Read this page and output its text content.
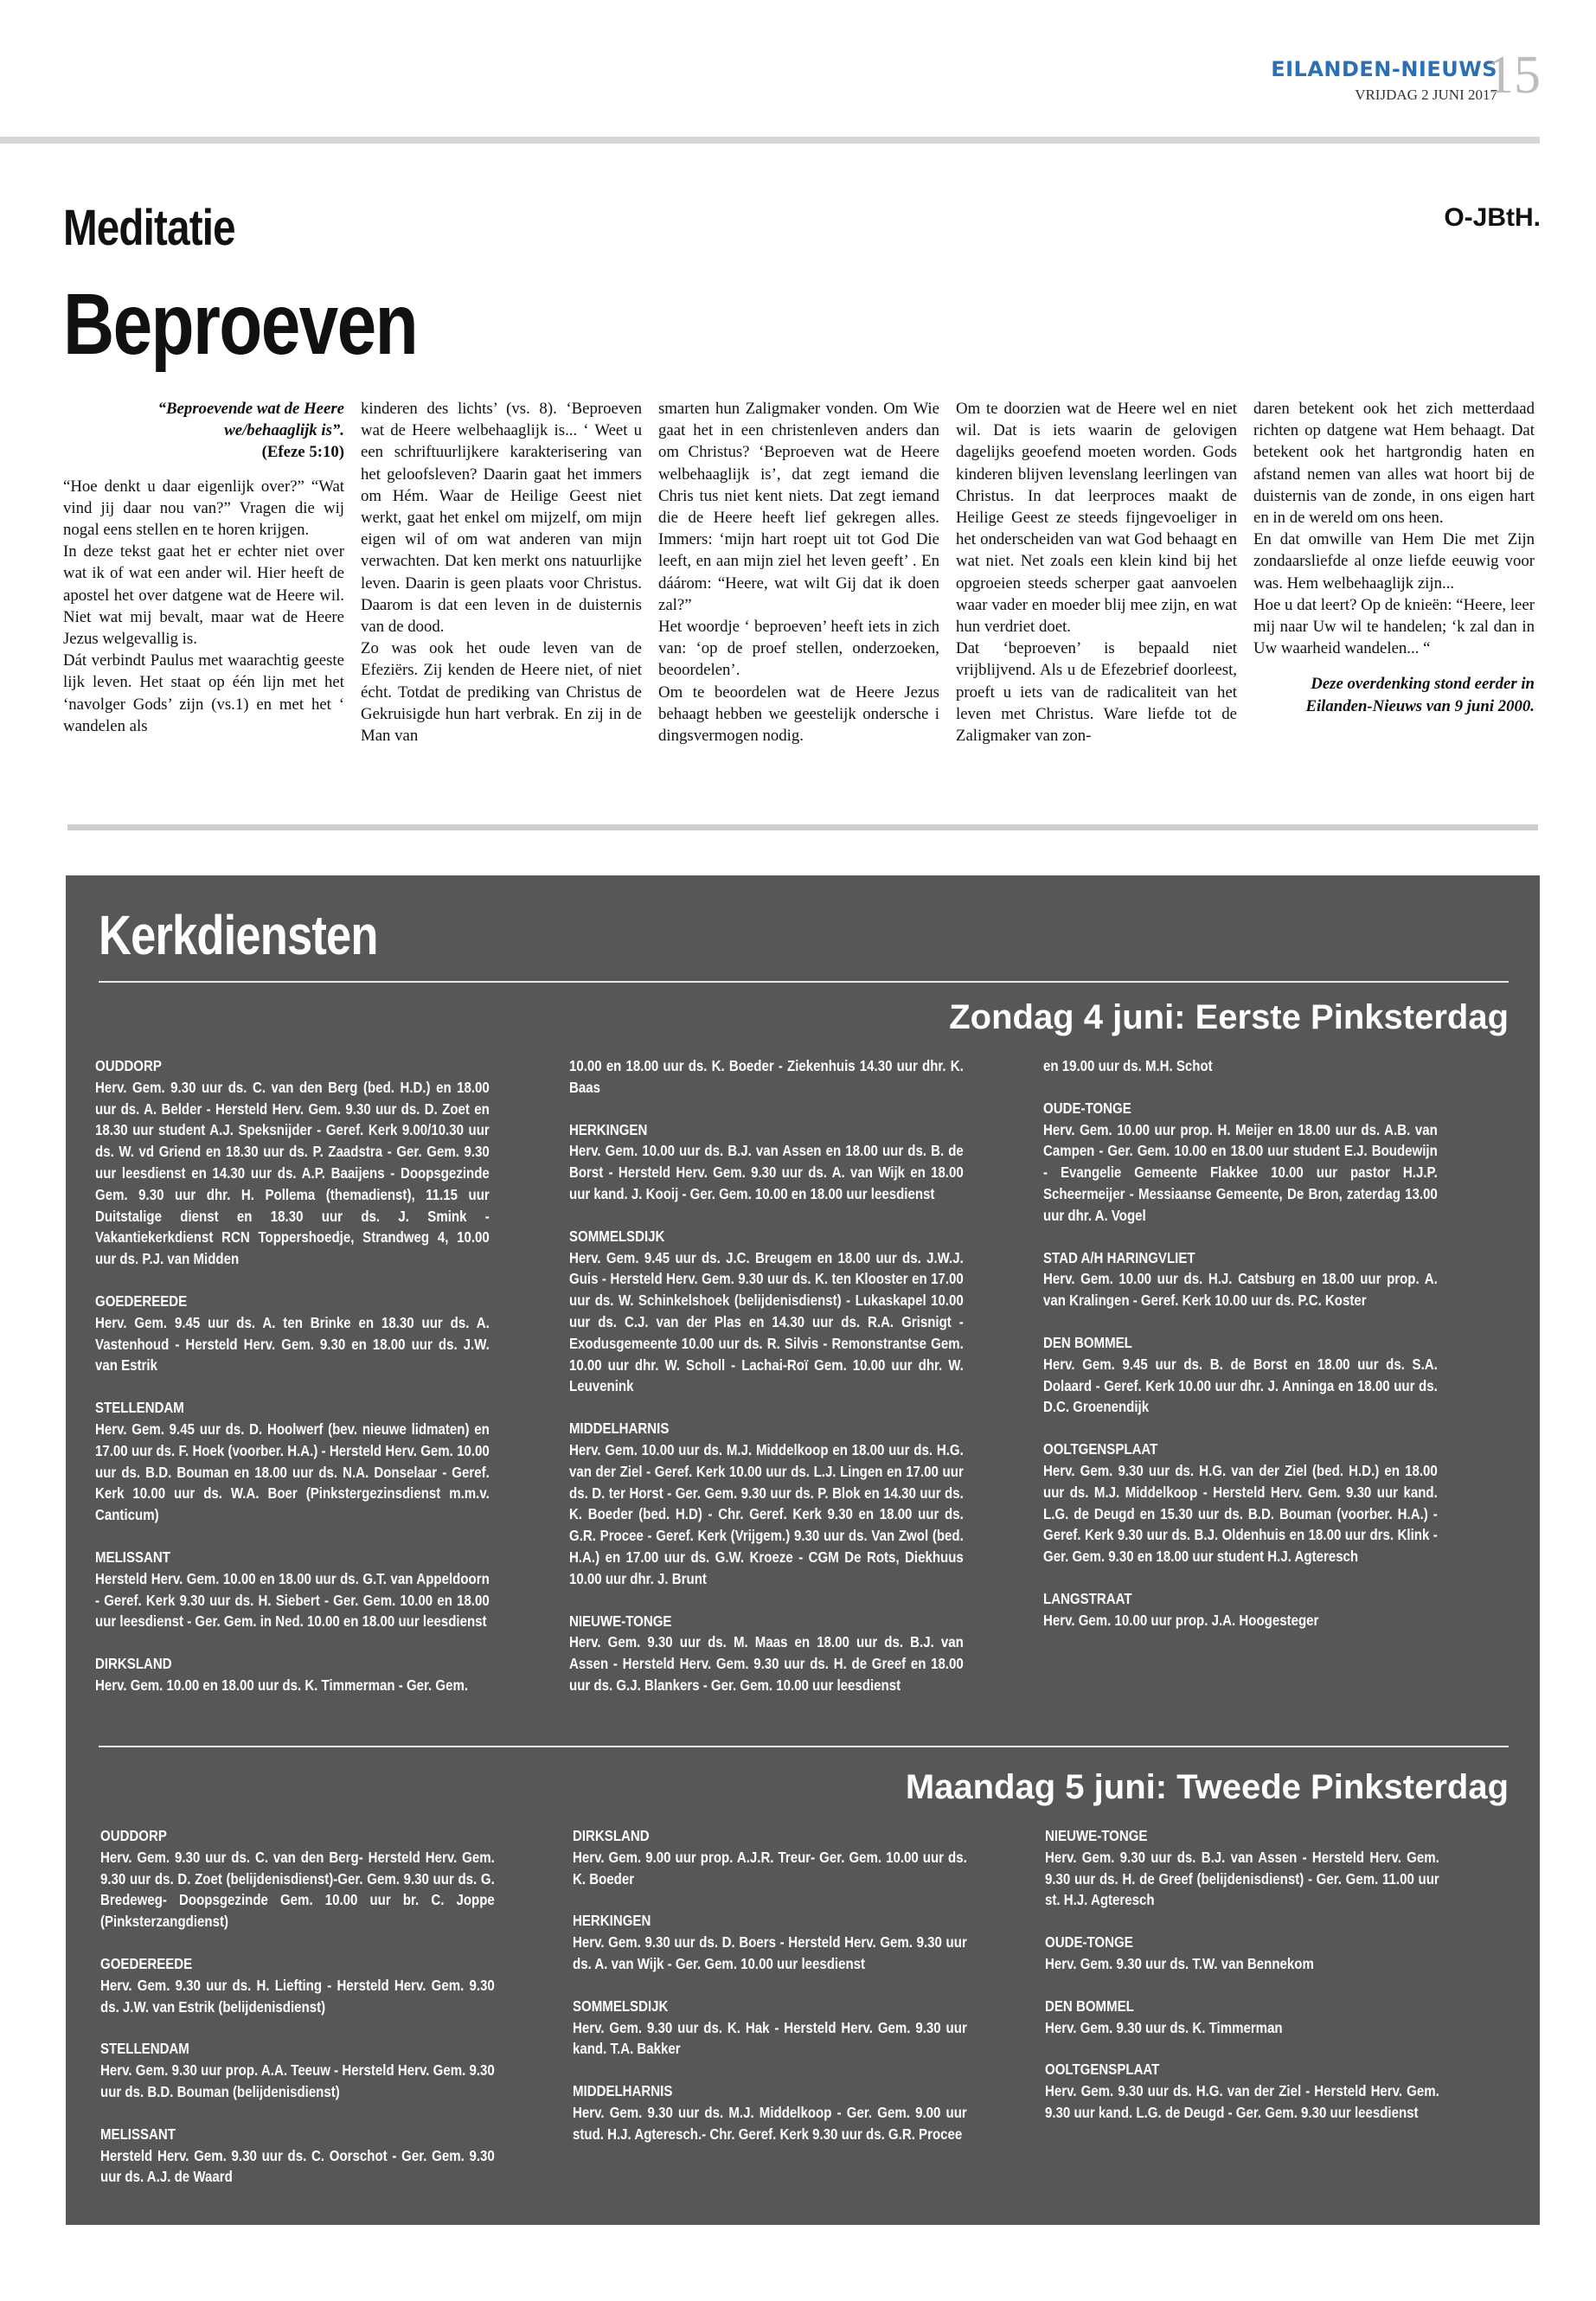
EILANDEN-NIEUWS
VRIJDAG 2 JUNI 2017
15
Meditatie	O-JBtH.
Beproeven

“Beproevende wat de Heere we/behaaglijk is”.

(Efeze 5:10)

“Hoe denkt u daar eigenlijk over?” “Wat vind jij daar nou van?” Vragen die wij nogal eens stellen en te horen krijgen.

In deze tekst gaat het er echter niet over wat ik of wat een ander wil. Hier heeft de apostel het over datgene wat de Heere wil. Niet wat mij bevalt, maar wat de Heere Jezus welgevallig is.

Dát verbindt Paulus met waarachtig geeste lijk leven. Het staat op één lijn met het ‘navolger Gods’ zijn (vs.1) en met het ‘ wandelen als

kinderen des lichts’ (vs. 8). ‘Beproeven wat de Heere welbehaaglijk is... ‘ Weet u een schriftuurlijkere karakterisering van het geloofsleven? Daarin gaat het immers om Hém. Waar de Heilige Geest niet werkt, gaat het enkel om mijzelf, om mijn eigen wil of om wat anderen van mijn verwachten. Dat ken merkt ons natuurlijke leven. Daarin is geen plaats voor Christus. Daarom is dat een leven in de duisternis van de dood.

Zo was ook het oude leven van de Efeziërs. Zij kenden de Heere niet, of niet écht. Totdat de prediking van Christus de Gekruisigde hun hart verbrak. En zij in de Man van

smarten hun Zaligmaker vonden. Om Wie gaat het in een christenleven anders dan om Christus? ‘Beproeven wat de Heere welbehaaglijk is’, dat zegt iemand die Chris tus niet kent niets. Dat zegt iemand die de Heere heeft lief gekregen alles. Immers: ‘mijn hart roept uit tot God Die leeft, en aan mijn ziel het leven geeft’ . En dáárom: “Heere, wat wilt Gij dat ik doen zal?”

Het woordje ‘ beproeven’ heeft iets in zich van: ‘op de proef stellen, onderzoeken, beoordelen’.

Om te beoordelen wat de Heere Jezus behaagt hebben we geestelijk ondersche i dingsvermogen nodig.

Om te doorzien wat de Heere wel en niet wil. Dat is iets waarin de gelovigen dagelijks geoefend moeten worden. Gods kinderen blijven levenslang leerlingen van Christus. In dat leerproces maakt de Heilige Geest ze steeds fijngevoeliger in het onderscheiden van wat God behaagt en wat niet. Net zoals een klein kind bij het opgroeien steeds scherper gaat aanvoelen waar vader en moeder blij mee zijn, en wat hun verdriet doet.

Dat ‘beproeven’ is bepaald niet vrijblijvend. Als u de Efezebrief doorleest, proeft u iets van de radicaliteit van het leven met Christus. Ware liefde tot de Zaligmaker van zon-

daren betekent ook het zich metterdaad richten op datgene wat Hem behaagt. Dat betekent ook het hartgrondig haten en afstand nemen van alles wat hoort bij de duisternis van de zonde, in ons eigen hart en in de wereld om ons heen.

En dat omwille van Hem Die met Zijn zondaarsliefde al onze liefde eeuwig voor was. Hem welbehaaglijk zijn...

Hoe u dat leert? Op de knieën: “Heere, leer mij naar Uw wil te handelen; ‘k zal dan in Uw waarheid wandelen... “

Deze overdenking stond eerder in Eilanden-Nieuws van 9 juni 2000.

Kerkdiensten
Zondag 4 juni: Eerste Pinksterdag
OUDDORP
Herv. Gem. 9.30 uur ds. C. van den Berg (bed. H.D.) en 18.00 uur ds. A. Belder - Hersteld Herv. Gem. 9.30 uur ds. D. Zoet en 18.30 uur student A.J. Speksnijder - Geref. Kerk 9.00/10.30 uur ds. W. vd Griend en 18.30 uur ds. P. Zaadstra - Ger. Gem. 9.30 uur leesdienst en 14.30 uur ds. A.P. Baaijens - Doopsgezinde Gem. 9.30 uur dhr. H. Pollema (themadienst), 11.15 uur Duitstalige dienst en 18.30 uur ds. J. Smink - Vakantiekerkdienst RCN Toppershoedje, Strandweg 4, 10.00 uur ds. P.J. van Midden
GOEDEREEDE
Herv. Gem. 9.45 uur ds. A. ten Brinke en 18.30 uur ds. A. Vastenhoud - Hersteld Herv. Gem. 9.30 en 18.00 uur ds. J.W. van Estrik
STELLENDAM
Herv. Gem. 9.45 uur ds. D. Hoolwerf (bev. nieuwe lidmaten) en 17.00 uur ds. F. Hoek (voorber. H.A.) - Hersteld Herv. Gem. 10.00 uur ds. B.D. Bouman en 18.00 uur ds. N.A. Donselaar - Geref. Kerk 10.00 uur ds. W.A. Boer (Pinkstergezinsdienst m.m.v. Canticum)
MELISSANT
Hersteld Herv. Gem. 10.00 en 18.00 uur ds. G.T. van Appeldoorn - Geref. Kerk 9.30 uur ds. H. Siebert - Ger. Gem. 10.00 en 18.00 uur leesdienst - Ger. Gem. in Ned. 10.00 en 18.00 uur leesdienst
DIRKSLAND
Herv. Gem. 10.00 en 18.00 uur ds. K. Timmerman - Ger. Gem.
10.00 en 18.00 uur ds. K. Boeder - Ziekenhuis 14.30 uur dhr. K. Baas
HERKINGEN
Herv. Gem. 10.00 uur ds. B.J. van Assen en 18.00 uur ds. B. de Borst - Hersteld Herv. Gem. 9.30 uur ds. A. van Wijk en 18.00 uur kand. J. Kooij - Ger. Gem. 10.00 en 18.00 uur leesdienst
SOMMELSDIJK
Herv. Gem. 9.45 uur ds. J.C. Breugem en 18.00 uur ds. J.W.J. Guis - Hersteld Herv. Gem. 9.30 uur ds. K. ten Klooster en 17.00 uur ds. W. Schinkelshoek (belijdenisdienst) - Lukaskapel 10.00 uur ds. C.J. van der Plas en 14.30 uur ds. R.A. Grisnigt - Exodusgemeente 10.00 uur ds. R. Silvis - Remonstrantse Gem. 10.00 uur dhr. W. Scholl - Lachai-Roï Gem. 10.00 uur dhr. W. Leuvenink
MIDDELHARNIS
Herv. Gem. 10.00 uur ds. M.J. Middelkoop en 18.00 uur ds. H.G. van der Ziel - Geref. Kerk 10.00 uur ds. L.J. Lingen en 17.00 uur ds. D. ter Horst - Ger. Gem. 9.30 uur ds. P. Blok en 14.30 uur ds. K. Boeder (bed. H.D) - Chr. Geref. Kerk 9.30 en 18.00 uur ds. G.R. Procee - Geref. Kerk (Vrijgem.) 9.30 uur ds. Van Zwol (bed. H.A.) en 17.00 uur ds. G.W. Kroeze - CGM De Rots, Diekhuus 10.00 uur dhr. J. Brunt
NIEUWE-TONGE
Herv. Gem. 9.30 uur ds. M. Maas en 18.00 uur ds. B.J. van Assen - Hersteld Herv. Gem. 9.30 uur ds. H. de Greef en 18.00 uur ds. G.J. Blankers - Ger. Gem. 10.00 uur leesdienst
en 19.00 uur ds. M.H. Schot
OUDE-TONGE
Herv. Gem. 10.00 uur prop. H. Meijer en 18.00 uur ds. A.B. van Campen - Ger. Gem. 10.00 en 18.00 uur student E.J. Boudewijn - Evangelie Gemeente Flakkee 10.00 uur pastor H.J.P. Scheermeijer - Messiaanse Gemeente, De Bron, zaterdag 13.00 uur dhr. A. Vogel
STAD A/H HARINGVLIET
Herv. Gem. 10.00 uur ds. H.J. Catsburg en 18.00 uur prop. A. van Kralingen - Geref. Kerk 10.00 uur ds. P.C. Koster
DEN BOMMEL
Herv. Gem. 9.45 uur ds. B. de Borst en 18.00 uur ds. S.A. Dolaard - Geref. Kerk 10.00 uur dhr. J. Anninga en 18.00 uur ds. D.C. Groenendijk
OOLTGENSPLAAT
Herv. Gem. 9.30 uur ds. H.G. van der Ziel (bed. H.D.) en 18.00 uur ds. M.J. Middelkoop - Hersteld Herv. Gem. 9.30 uur kand. L.G. de Deugd en 15.30 uur ds. B.D. Bouman (voorber. H.A.) - Geref. Kerk 9.30 uur ds. B.J. Oldenhuis en 18.00 uur drs. Klink - Ger. Gem. 9.30 en 18.00 uur student H.J. Agteresch
LANGSTRAAT
Herv. Gem. 10.00 uur prop. J.A. Hoogesteger
Maandag 5 juni: Tweede Pinksterdag
OUDDORP
Herv. Gem. 9.30 uur ds. C. van den Berg- Hersteld Herv. Gem. 9.30 uur ds. D. Zoet (belijdenisdienst)-Ger. Gem. 9.30 uur ds. G. Bredeweg- Doopsgezinde Gem. 10.00 uur br. C. Joppe (Pinksterzangdienst)
GOEDEREEDE
Herv. Gem. 9.30 uur ds. H. Liefting - Hersteld Herv. Gem. 9.30 ds. J.W. van Estrik (belijdenisdienst)
STELLENDAM
Herv. Gem. 9.30 uur prop. A.A. Teeuw - Hersteld Herv. Gem. 9.30 uur ds. B.D. Bouman (belijdenisdienst)
MELISSANT
Hersteld Herv. Gem. 9.30 uur ds. C. Oorschot - Ger. Gem. 9.30 uur ds. A.J. de Waard
DIRKSLAND
Herv. Gem. 9.00 uur prop. A.J.R. Treur- Ger. Gem. 10.00 uur ds. K. Boeder
HERKINGEN
Herv. Gem. 9.30 uur ds. D. Boers - Hersteld Herv. Gem. 9.30 uur ds. A. van Wijk - Ger. Gem. 10.00 uur leesdienst
SOMMELSDIJK
Herv. Gem. 9.30 uur ds. K. Hak - Hersteld Herv. Gem. 9.30 uur kand. T.A. Bakker
MIDDELHARNIS
Herv. Gem. 9.30 uur ds. M.J. Middelkoop - Ger. Gem. 9.00 uur stud. H.J. Agteresch.- Chr. Geref. Kerk 9.30 uur ds. G.R. Procee
NIEUWE-TONGE
Herv. Gem. 9.30 uur ds. B.J. van Assen - Hersteld Herv. Gem. 9.30 uur ds. H. de Greef (belijdenisdienst) - Ger. Gem. 11.00 uur st. H.J. Agteresch
OUDE-TONGE
Herv. Gem. 9.30 uur ds. T.W. van Bennekom
DEN BOMMEL
Herv. Gem. 9.30 uur ds. K. Timmerman
OOLTGENSPLAAT
Herv. Gem. 9.30 uur ds. H.G. van der Ziel - Hersteld Herv. Gem. 9.30 uur kand. L.G. de Deugd - Ger. Gem. 9.30 uur leesdienst
